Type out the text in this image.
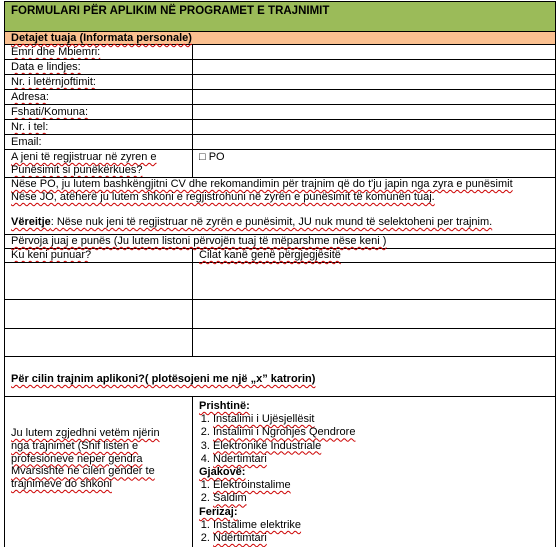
FORMULARI PËR APLIKIM NË PROGRAMET E TRAJNIMIT
Detajet tuaja (Informata personale)
Emri dhe Mbiemri:
Data e lindjes:
Nr. i letërnjoftimit:
Adresa:
Fshati/Komuna:
Nr. i tel:
Email:
A jeni të regjistruar në zyren e
Punësimit si punëkërkues?
□ PO
Nëse PO, ju lutem bashkëngjitni CV dhe rekomandimin për trajnim që do t'ju japin nga zyra e punësimit
Nëse JO, atëherë ju lutem shkoni e regjistrohuni në zyrën e punësimit të komunën tuaj.
Vëreitje: Nëse nuk jeni të regjistruar në zyrën e punësimit, JU nuk mund të selektoheni per trajnim.
Përvoja juaj e punës (Ju lutem listoni përvojën tuaj të mëparshme nëse keni )
Ku keni punuar?	Cilat kanë genë përgjegjësitë
Për cilin trajnim aplikoni?( plotësojeni me një „x” katrorin)
Ju lutem zgjedhni vetëm njërin
nga trajnimet (Shif listen e
profesioneve neper gendra
Mvarsishte ne cilen gender te
trajnimeve do shkoni
Prishtinë:
1. Instalimi i Ujësjellësit
2. Instalimi i Ngrohjes Qendrore
3. Elektronikë Industriale
4. Ndertimtari
Gjakovë:
1. Elektroinstalime
2. Saldim
Ferizaj:
1. Instalime elektrike
2. Ndërtimtari
